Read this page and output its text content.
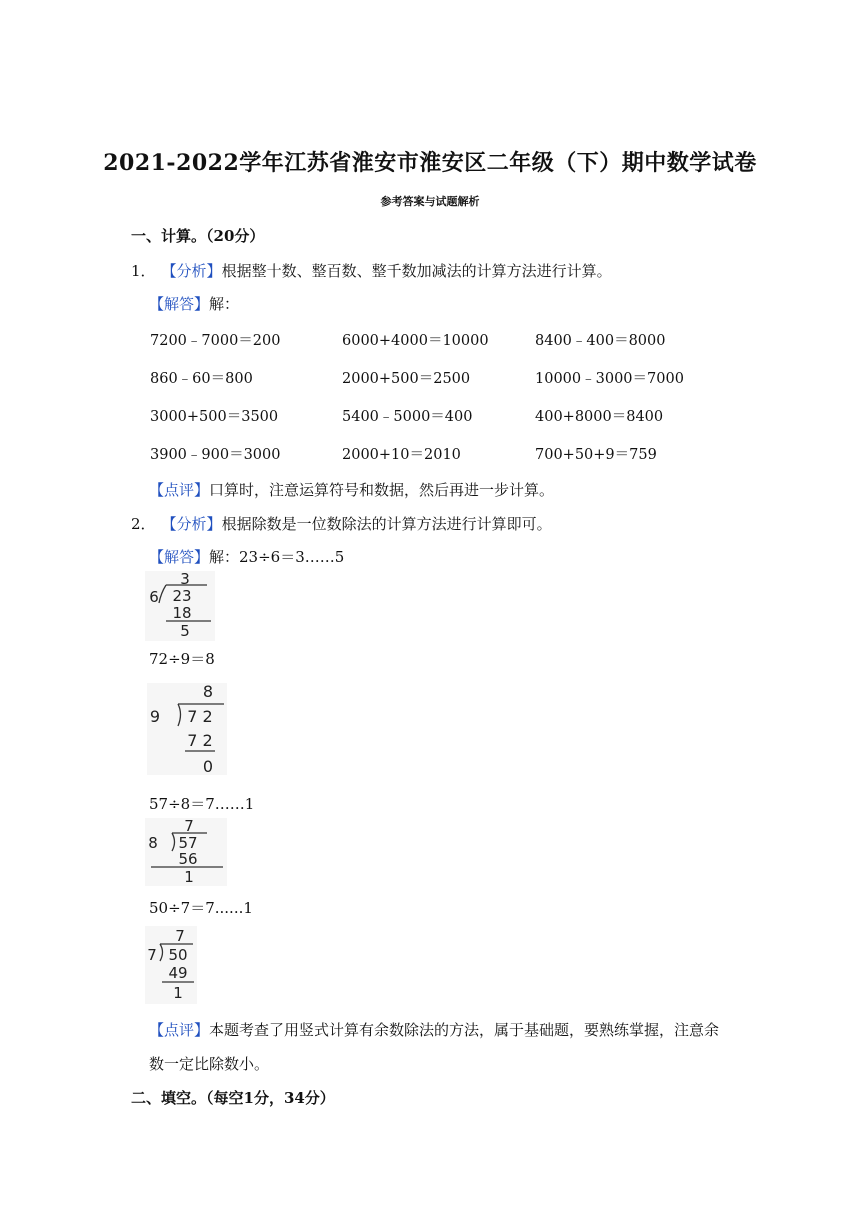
2021-2022学年江苏省淮安市淮安区二年级（下）期中数学试卷
参考答案与试题解析
一、计算。（20分）
1． 【分析】根据整十数、整百数、整千数加减法的计算方法进行计算。
【解答】解：
7200﹣7000＝200	6000+4000＝10000	8400﹣400＝8000
860﹣60＝800	2000+500＝2500	10000﹣3000＝7000
3000+500＝3500	5400﹣5000＝400	400+8000＝8400
3900﹣900＝3000	2000+10＝2010	700+50+9＝759
【点评】口算时，注意运算符号和数据，然后再进一步计算。
2． 【分析】根据除数是一位数除法的计算方法进行计算即可。
【解答】解：23÷6＝3……5
3
6 23
18
5
72÷9＝8
8
9 7 2
7 2
0
57÷8＝7……1
7
8 57
56
1
50÷7＝7......1
7
7 50
49
1
【点评】本题考查了用竖式计算有余数除法的方法，属于基础题，要熟练掌握，注意余
数一定比除数小。
二、填空。（每空1分，34分）
